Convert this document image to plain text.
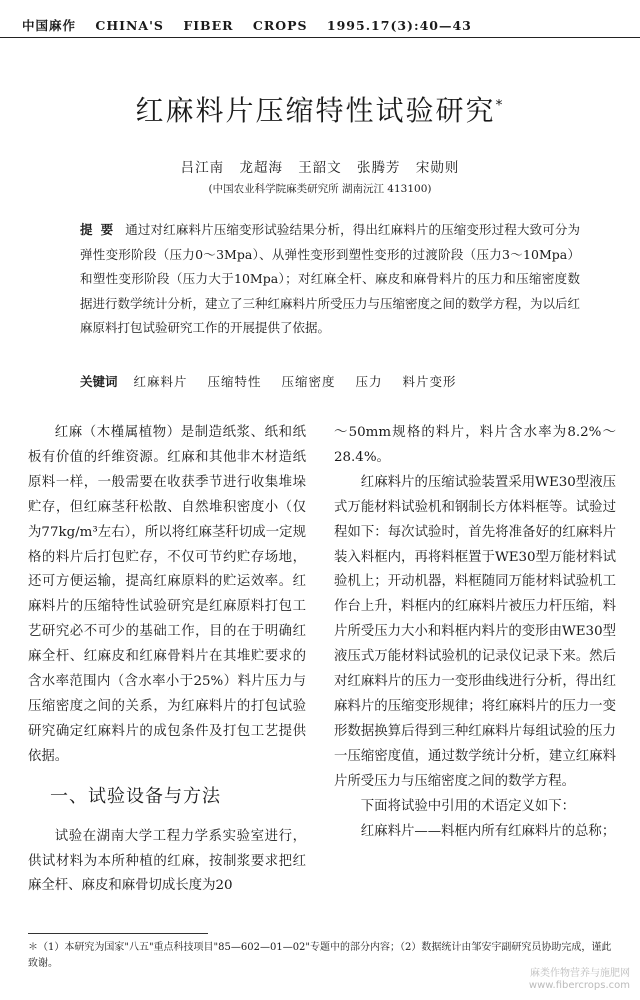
中国麻作 CHINA'S FIBER CROPS 1995.17(3):40—43
红麻料片压缩特性试验研究*
吕江南 龙超海 王韶文 张腾芳 宋勋则
(中国农业科学院麻类研究所 湖南沅江 413100)
提要 通过对红麻料片压缩变形试验结果分析，得出红麻料片的压缩变形过程大致可分为弹性变形阶段（压力0～3Mpa）、从弹性变形到塑性变形的过渡阶段（压力3～10Mpa）和塑性变形阶段（压力大于10Mpa）；对红麻全杆、麻皮和麻骨料片的压力和压缩密度数据进行数学统计分析，建立了三种红麻料片所受压力与压缩密度之间的数学方程，为以后红麻原料打包试验研究工作的开展提供了依据。
关键词 红麻料片 压缩特性 压缩密度 压力 料片变形

红麻（木槿属植物）是制造纸浆、纸和纸板有价值的纤维资源。红麻和其他非木材造纸原料一样，一般需要在收获季节进行收集堆垛贮存，但红麻茎秆松散、自然堆积密度小（仅为77kg/m³左右），所以将红麻茎秆切成一定规格的料片后打包贮存，不仅可节约贮存场地，还可方便运输，提高红麻原料的贮运效率。红麻料片的压缩特性试验研究是红麻原料打包工艺研究必不可少的基础工作，目的在于明确红麻全杆、红麻皮和红麻骨料片在其堆贮要求的含水率范围内（含水率小于25%）料片压力与压缩密度之间的关系，为红麻料片的打包试验研究确定红麻料片的成包条件及打包工艺提供依据。

一、试验设备与方法

试验在湖南大学工程力学系实验室进行，供试材料为本所种植的红麻，按制浆要求把红麻全杆、麻皮和麻骨切成长度为20

～50mm规格的料片，料片含水率为8.2%～28.4%。

红麻料片的压缩试验装置采用WE30型液压式万能材料试验机和钢制长方体料框等。试验过程如下：每次试验时，首先将准备好的红麻料片装入料框内，再将料框置于WE30型万能材料试验机上；开动机器，料框随同万能材料试验机工作台上升，料框内的红麻料片被压力杆压缩，料片所受压力大小和料框内料片的变形由WE30型液压式万能材料试验机的记录仪记录下来。然后对红麻料片的压力一变形曲线进行分析，得出红麻料片的压缩变形规律；将红麻料片的压力一变形数据换算后得到三种红麻料片每组试验的压力一压缩密度值，通过数学统计分析，建立红麻料片所受压力与压缩密度之间的数学方程。

下面将试验中引用的术语定义如下：

红麻料片——料框内所有红麻料片的总称；

＊（1）本研究为国家"八五"重点科技项目"85—602—01—02"专题中的部分内容；（2）数据统计由邹安宇副研究员协助完成，谨此致谢。
麻类作物营养与施肥网
www.fibercrops.com
